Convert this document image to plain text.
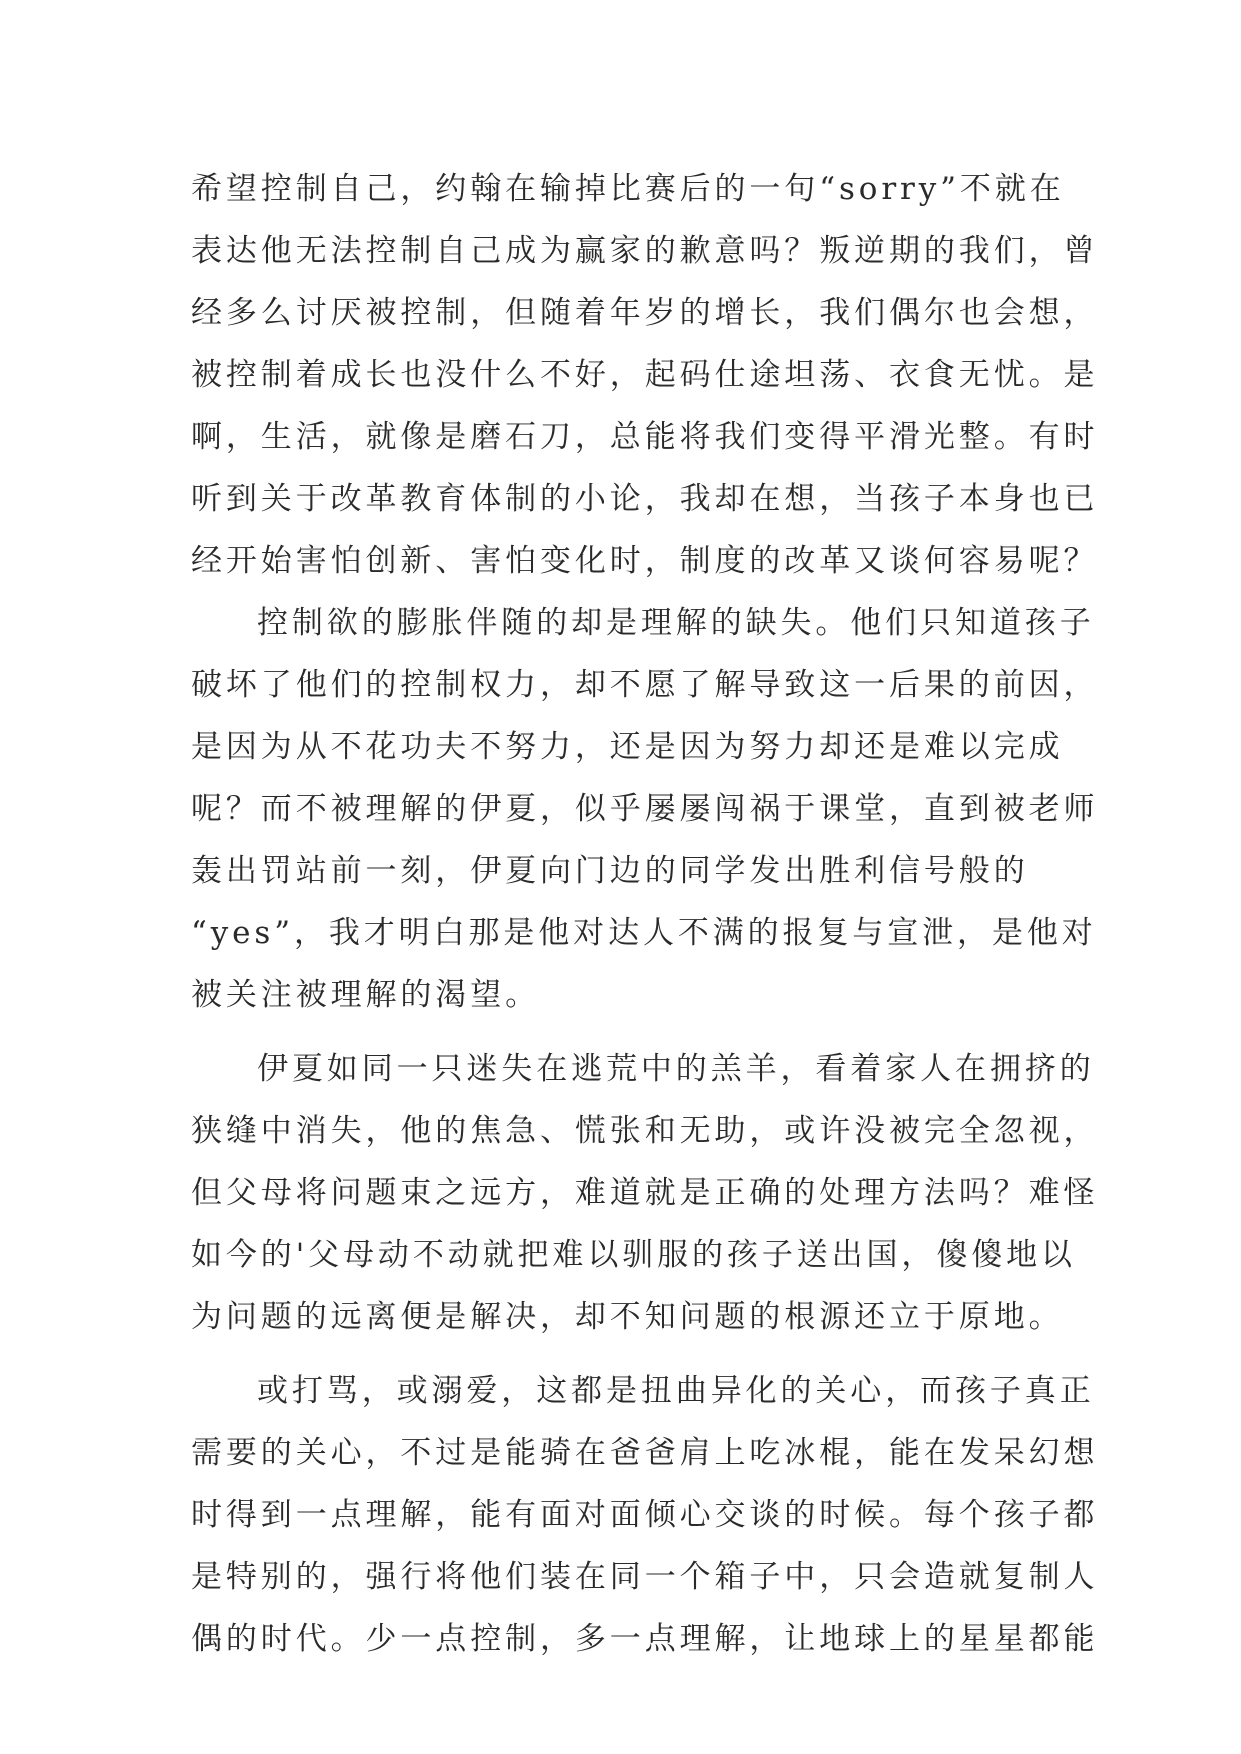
希望控制自己，约翰在输掉比赛后的一句“sorry”不就在
表达他无法控制自己成为赢家的歉意吗？叛逆期的我们，曾
经多么讨厌被控制，但随着年岁的增长，我们偶尔也会想，
被控制着成长也没什么不好，起码仕途坦荡、衣食无忧。是
啊，生活，就像是磨石刀，总能将我们变得平滑光整。有时
听到关于改革教育体制的小论，我却在想，当孩子本身也已
经开始害怕创新、害怕变化时，制度的改革又谈何容易呢？
控制欲的膨胀伴随的却是理解的缺失。他们只知道孩子
破坏了他们的控制权力，却不愿了解导致这一后果的前因，
是因为从不花功夫不努力，还是因为努力却还是难以完成
呢？而不被理解的伊夏，似乎屡屡闯祸于课堂，直到被老师
轰出罚站前一刻，伊夏向门边的同学发出胜利信号般的
“yes”，我才明白那是他对达人不满的报复与宣泄，是他对
被关注被理解的渴望。
伊夏如同一只迷失在逃荒中的羔羊，看着家人在拥挤的
狭缝中消失，他的焦急、慌张和无助，或许没被完全忽视，
但父母将问题束之远方，难道就是正确的处理方法吗？难怪
如今的'父母动不动就把难以驯服的孩子送出国，傻傻地以
为问题的远离便是解决，却不知问题的根源还立于原地。
或打骂，或溺爱，这都是扭曲异化的关心，而孩子真正
需要的关心，不过是能骑在爸爸肩上吃冰棍，能在发呆幻想
时得到一点理解，能有面对面倾心交谈的时候。每个孩子都
是特别的，强行将他们装在同一个箱子中，只会造就复制人
偶的时代。少一点控制，多一点理解，让地球上的星星都能
